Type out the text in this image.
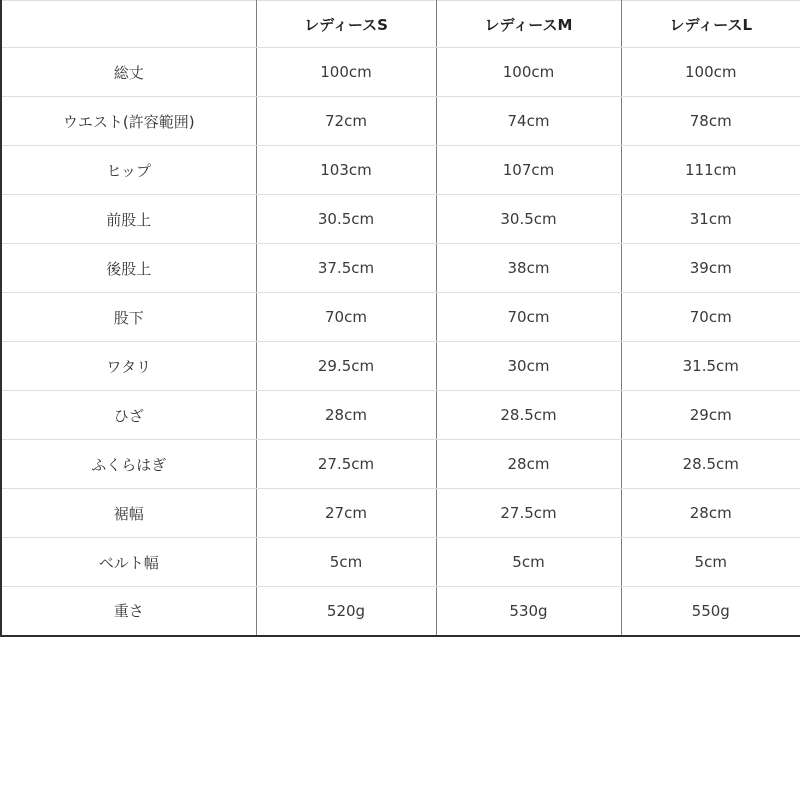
	レディースS	レディースM	レディースL
総丈	100cm	100cm	100cm
ウエスト(許容範囲)	72cm	74cm	78cm
ヒップ	103cm	107cm	111cm
前股上	30.5cm	30.5cm	31cm
後股上	37.5cm	38cm	39cm
股下	70cm	70cm	70cm
ワタリ	29.5cm	30cm	31.5cm
ひざ	28cm	28.5cm	29cm
ふくらはぎ	27.5cm	28cm	28.5cm
裾幅	27cm	27.5cm	28cm
ベルト幅	5cm	5cm	5cm
重さ	520g	530g	550g
